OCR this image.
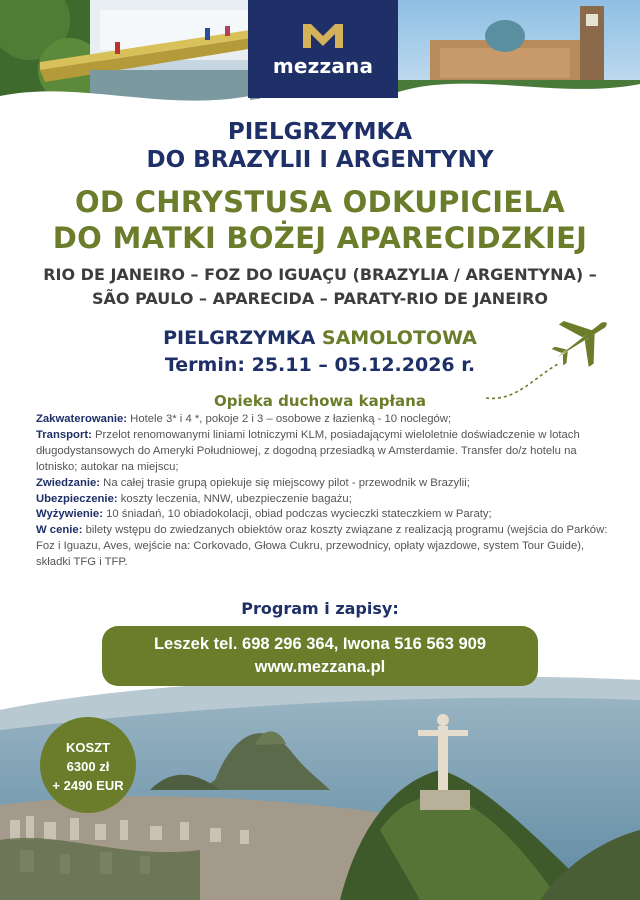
mezzana
PIELGRZYMKA
DO BRAZYLII I ARGENTYNY
OD CHRYSTUSA ODKUPICIELA
DO MATKI BOŻEJ APARECIDZKIEJ
RIO DE JANEIRO – FOZ DO IGUAÇU (BRAZYLIA / ARGENTYNA) –
SÃO PAULO – APARECIDA – PARATY-RIO DE JANEIRO
PIELGRZYMKA SAMOLOTOWA
Termin: 25.11 – 05.12.2026 r.
Opieka duchowa kapłana

Zakwaterowanie: Hotele 3* i 4 *, pokoje 2 i 3 – osobowe z łazienką - 10 noclegów;

Transport: Przelot renomowanymi liniami lotniczymi KLM, posiadającymi wieloletnie doświadczenie w lotach długodystansowych do Ameryki Południowej, z dogodną przesiadką w Amsterdamie. Transfer do/z hotelu na lotnisko; autokar na miejscu;

Zwiedzanie: Na całej trasie grupą opiekuje się miejscowy pilot - przewodnik w Brazylii;

Ubezpieczenie: koszty leczenia, NNW, ubezpieczenie bagażu;

Wyżywienie: 10 śniadań, 10 obiadokolacji, obiad podczas wycieczki stateczkiem w Paraty;

W cenie: bilety wstępu do zwiedzanych obiektów oraz koszty związane z realizacją programu (wejścia do Parków: Foz i Iguazu, Aves, wejście na: Corkovado, Głowa Cukru, przewodnicy, opłaty wjazdowe, system Tour Guide), składki TFG i TFP.

Program i zapisy:
Leszek tel. 698 296 364, Iwona 516 563 909
www.mezzana.pl
KOSZT
6300 zł
+ 2490 EUR
